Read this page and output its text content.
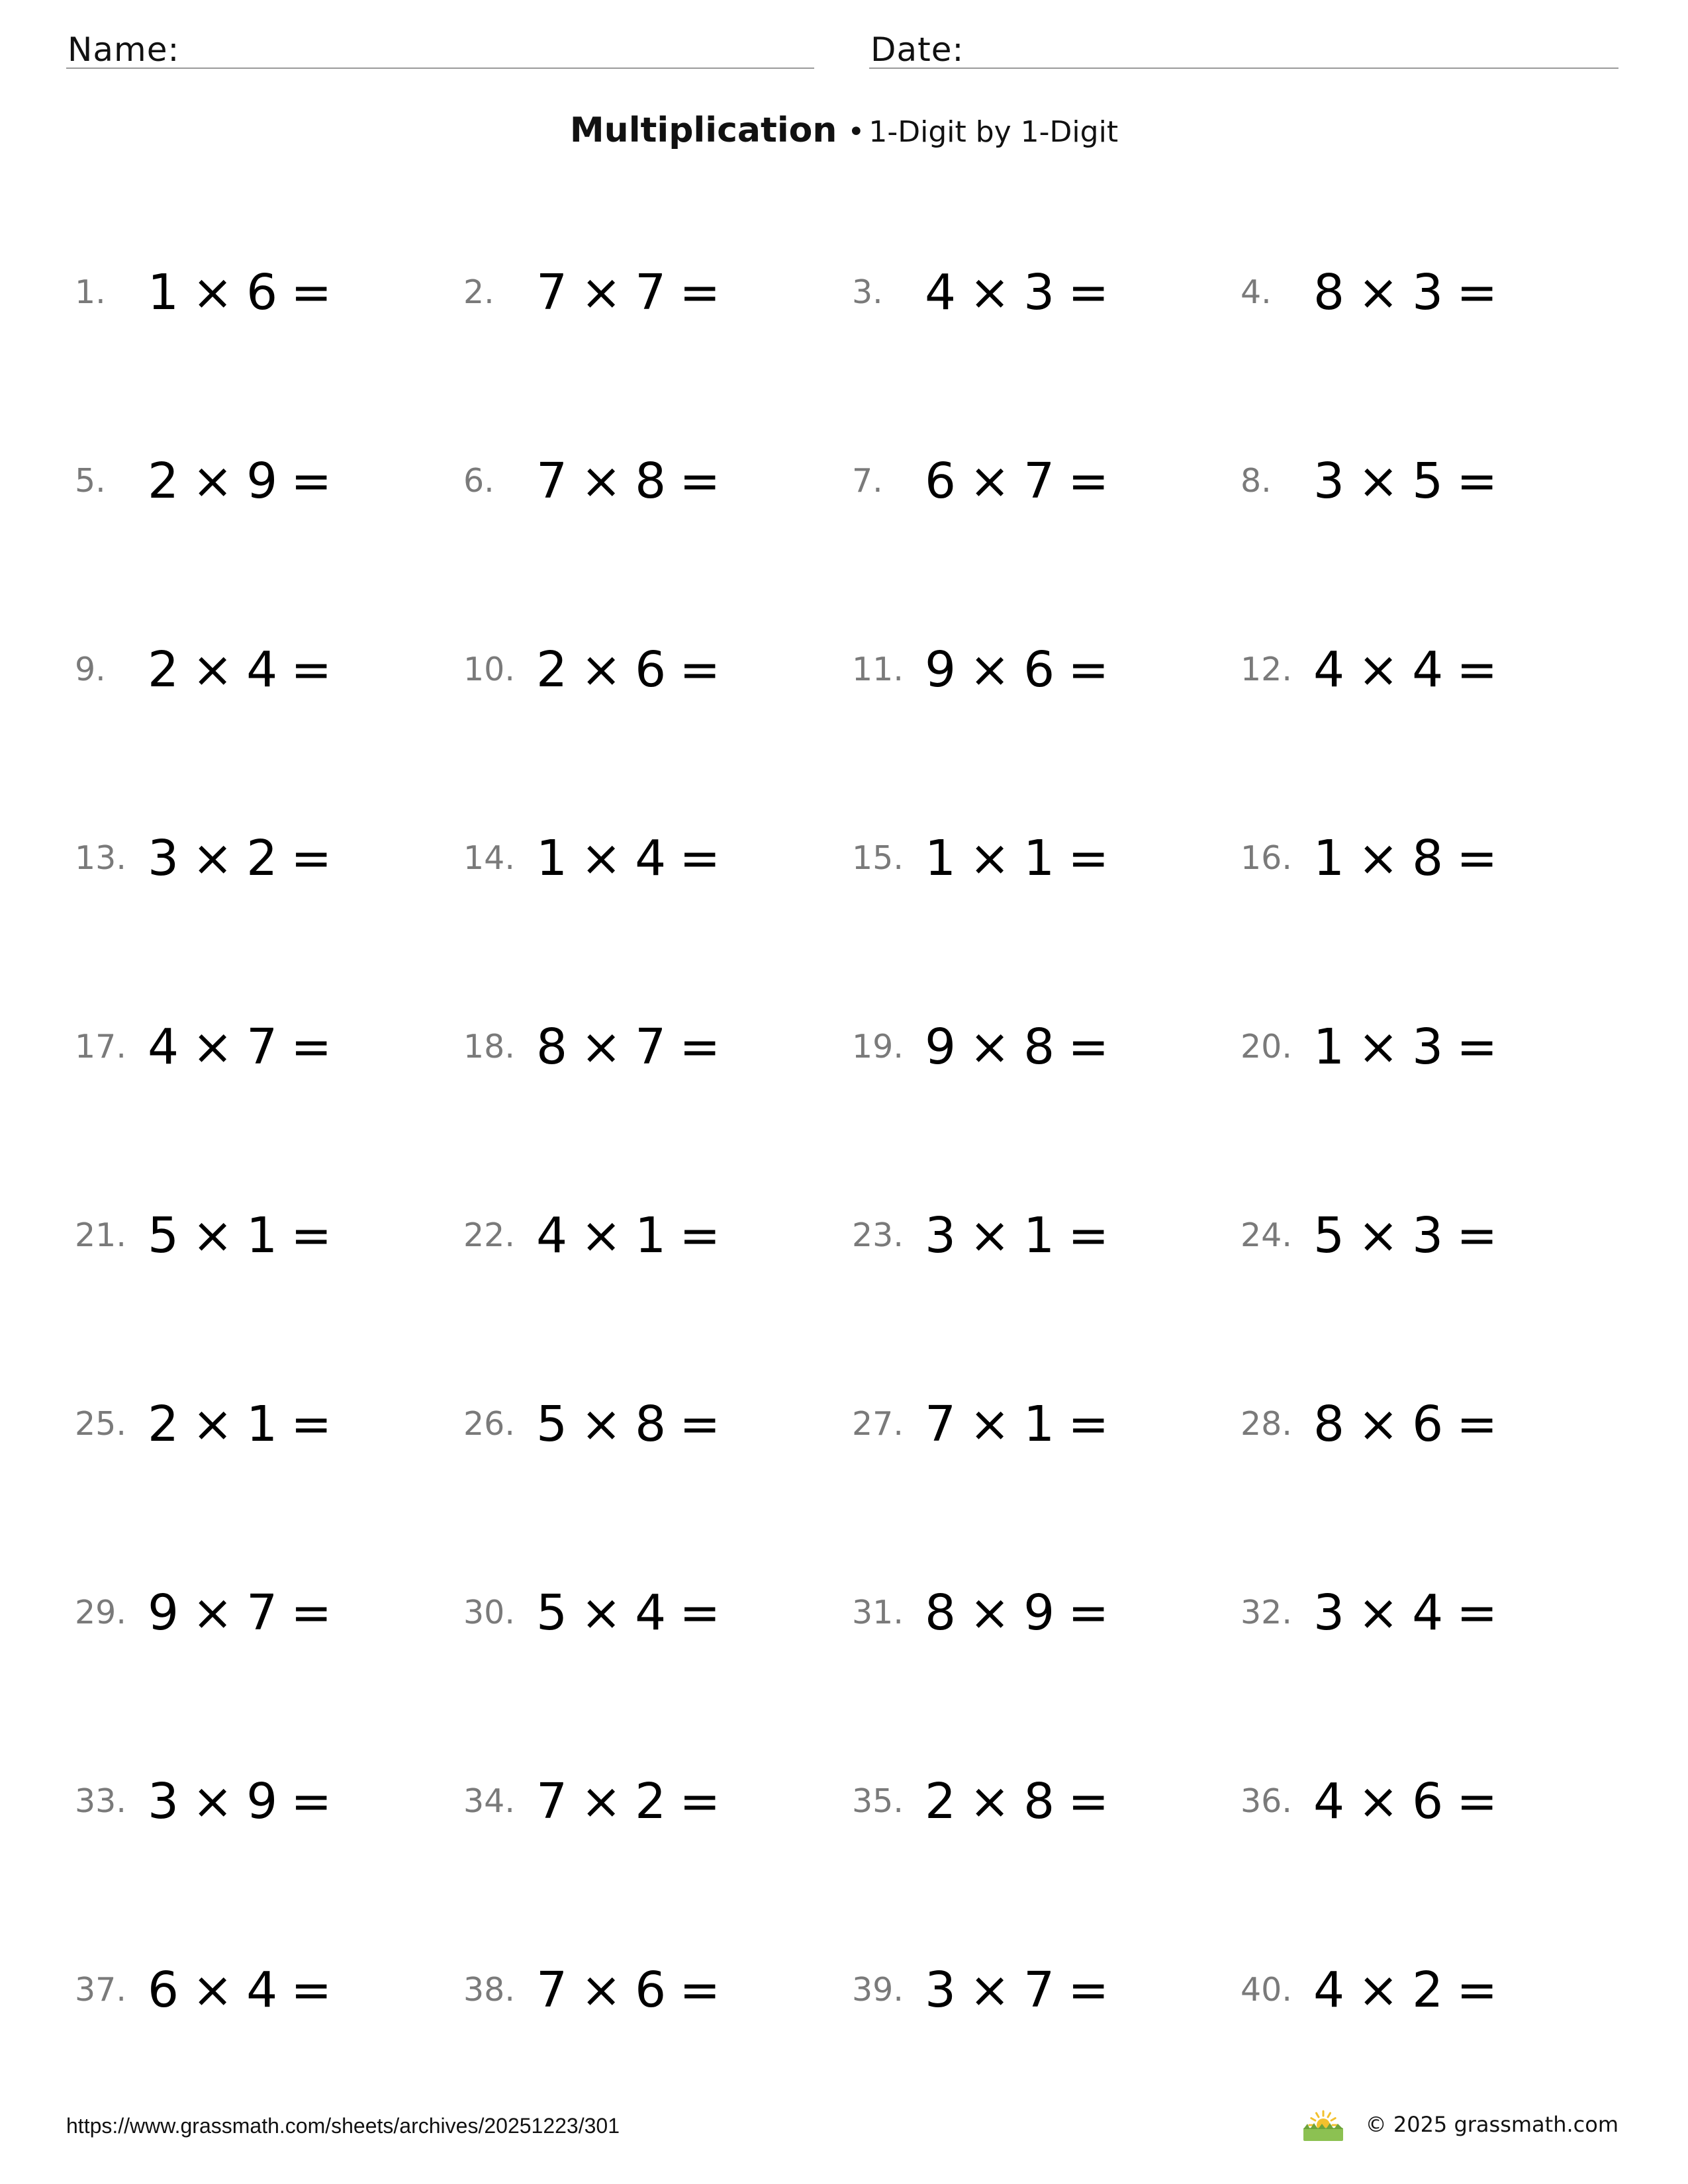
Name:	Date:
Multiplication • 1-Digit by 1-Digit
1. 1 × 6 =	2. 7 × 7 =	3. 4 × 3 =	4. 8 × 3 =
5. 2 × 9 =	6. 7 × 8 =	7. 6 × 7 =	8. 3 × 5 =
9. 2 × 4 =	10. 2 × 6 =	11. 9 × 6 =	12. 4 × 4 =
13. 3 × 2 =	14. 1 × 4 =	15. 1 × 1 =	16. 1 × 8 =
17. 4 × 7 =	18. 8 × 7 =	19. 9 × 8 =	20. 1 × 3 =
21. 5 × 1 =	22. 4 × 1 =	23. 3 × 1 =	24. 5 × 3 =
25. 2 × 1 =	26. 5 × 8 =	27. 7 × 1 =	28. 8 × 6 =
29. 9 × 7 =	30. 5 × 4 =	31. 8 × 9 =	32. 3 × 4 =
33. 3 × 9 =	34. 7 × 2 =	35. 2 × 8 =	36. 4 × 6 =
37. 6 × 4 =	38. 7 × 6 =	39. 3 × 7 =	40. 4 × 2 =
https://www.grassmath.com/sheets/archives/20251223/301	© 2025 grassmath.com
